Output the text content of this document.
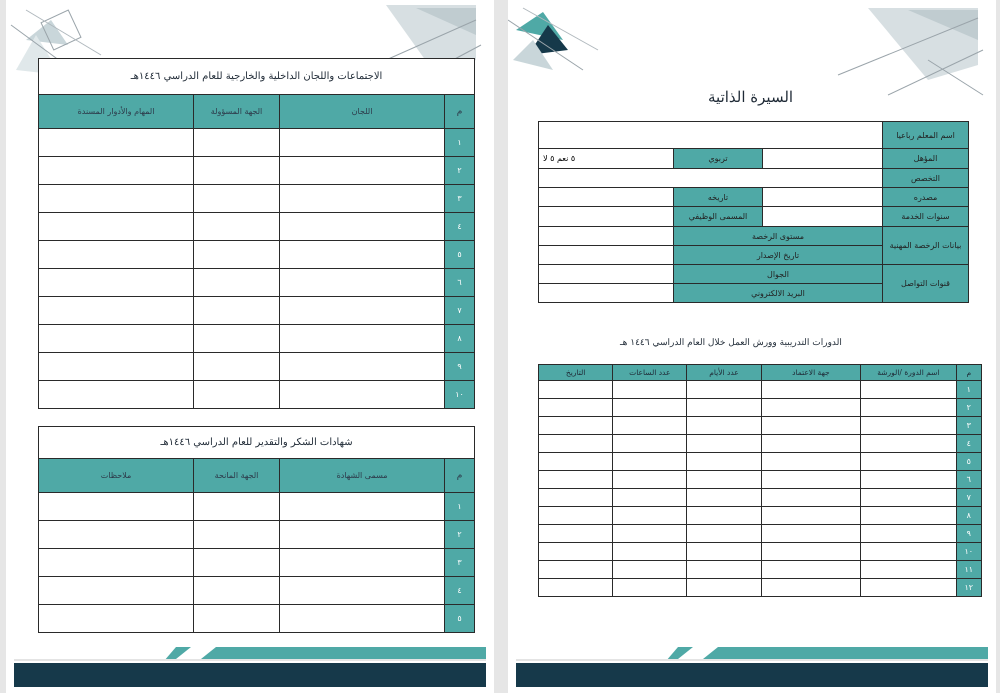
الاجتماعات واللجان الداخلية والخارجية للعام الدراسي ١٤٤٦هـ			
م	اللجان	الجهة المسؤولة	المهام والأدوار المسندة
١			
٢			
٣			
٤			
٥			
٦			
٧			
٨			
٩			
١٠			
شهادات الشكر والتقدير للعام الدراسي ١٤٤٦هـ			
م	مسمى الشهادة	الجهة المانحة	ملاحظات
١			
٢			
٣			
٤			
٥			
السيرة الذاتية
اسم المعلم رباعيا			
المؤهل		تربوي	٥ نعم ٥ لا
التخصص			
مصدره		تاريخه	
سنوات الخدمة		المسمى الوظيفي	
بيانات الرخصة المهنية	مستوى الرخصة		
	تاريخ الإصدار		
قنوات التواصل	الجوال		
	البريد الالكتروني		
الدورات التدريبية وورش العمل خلال العام الدراسي ١٤٤٦ هـ
م	اسم الدورة /الورشة	جهة الاعتماد	عدد الأيام	عدد الساعات	التاريخ
١					
٢					
٣					
٤					
٥					
٦					
٧					
٨					
٩					
١٠					
١١					
١٢					
